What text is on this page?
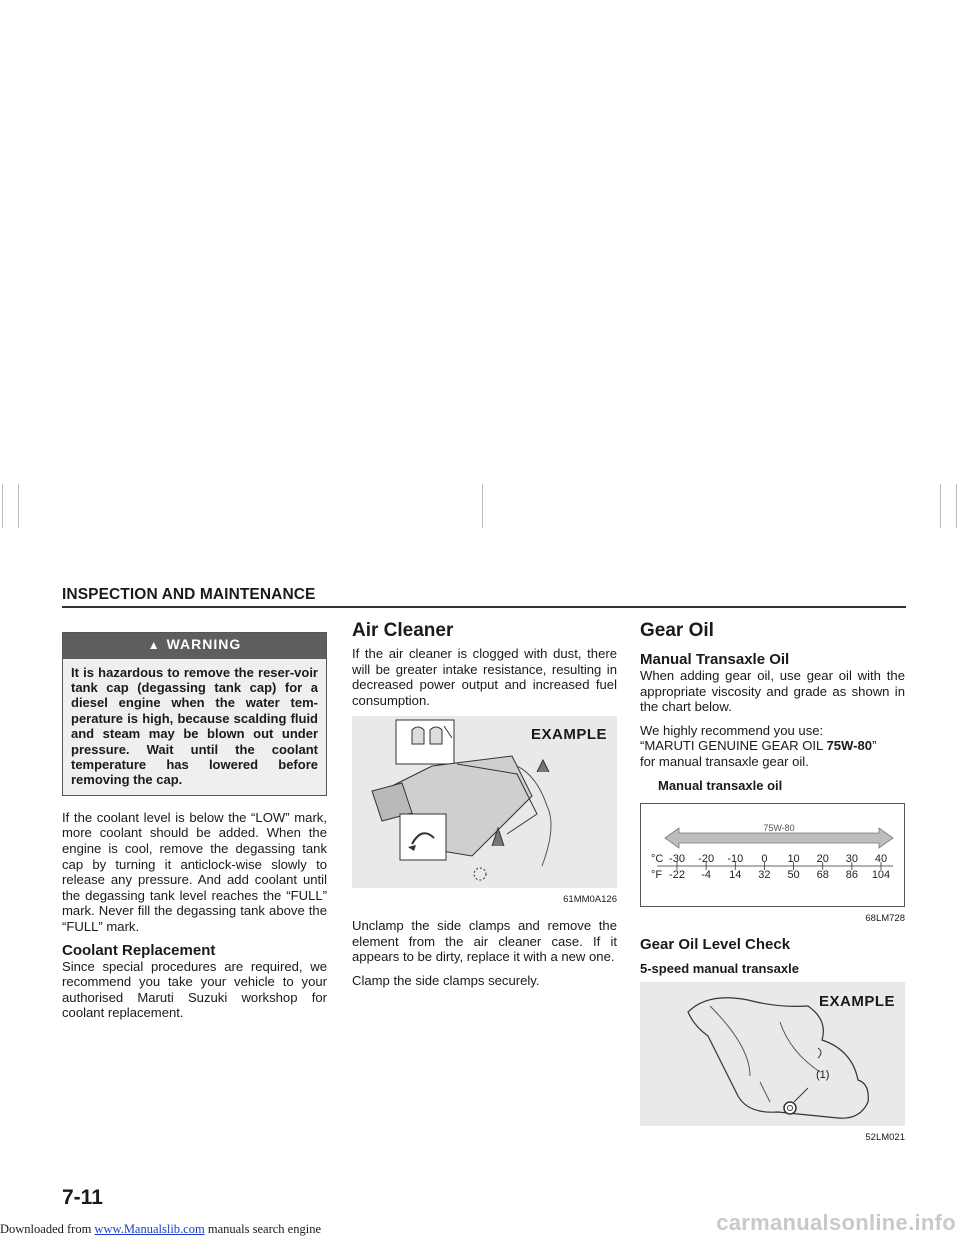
INSPECTION AND MAINTENANCE
▲ WARNING
It is hazardous to remove the reser-voir tank cap (degassing tank cap) for a diesel engine when the water tem-perature is high, because scalding fluid and steam may be blown out under pressure. Wait until the coolant temperature has lowered before removing the cap.

If the coolant level is below the “LOW” mark, more coolant should be added. When the engine is cool, remove the degassing tank cap by turning it anticlock-wise slowly to release any pressure. And add coolant until the degassing tank level reaches the “FULL” mark. Never fill the degassing tank above the “FULL” mark.

Coolant Replacement

Since special procedures are required, we recommend you take your vehicle to your authorised Maruti Suzuki workshop for coolant replacement.

Air Cleaner

If the air cleaner is clogged with dust, there will be greater intake resistance, resulting in decreased power output and increased fuel consumption.

EXAMPLE
61MM0A126

Unclamp the side clamps and remove the element from the air cleaner case. If it appears to be dirty, replace it with a new one.

Clamp the side clamps securely.

Gear Oil
Manual Transaxle Oil

When adding gear oil, use gear oil with the appropriate viscosity and grade as shown in the chart below.

We highly recommend you use:
“MARUTI GENUINE GEAR OIL 75W-80”
for manual transaxle gear oil.

Manual transaxle oil
75W-80
°C
°F
-30
-22
-20
-4
-10
14
0
32
10
50
20
68
30
86
40
104
68LM728
Gear Oil Level Check
5-speed manual transaxle
EXAMPLE
(1)
52LM021
7-11
Downloaded from www.Manualslib.com manuals search engine	carmanualsonline.info
